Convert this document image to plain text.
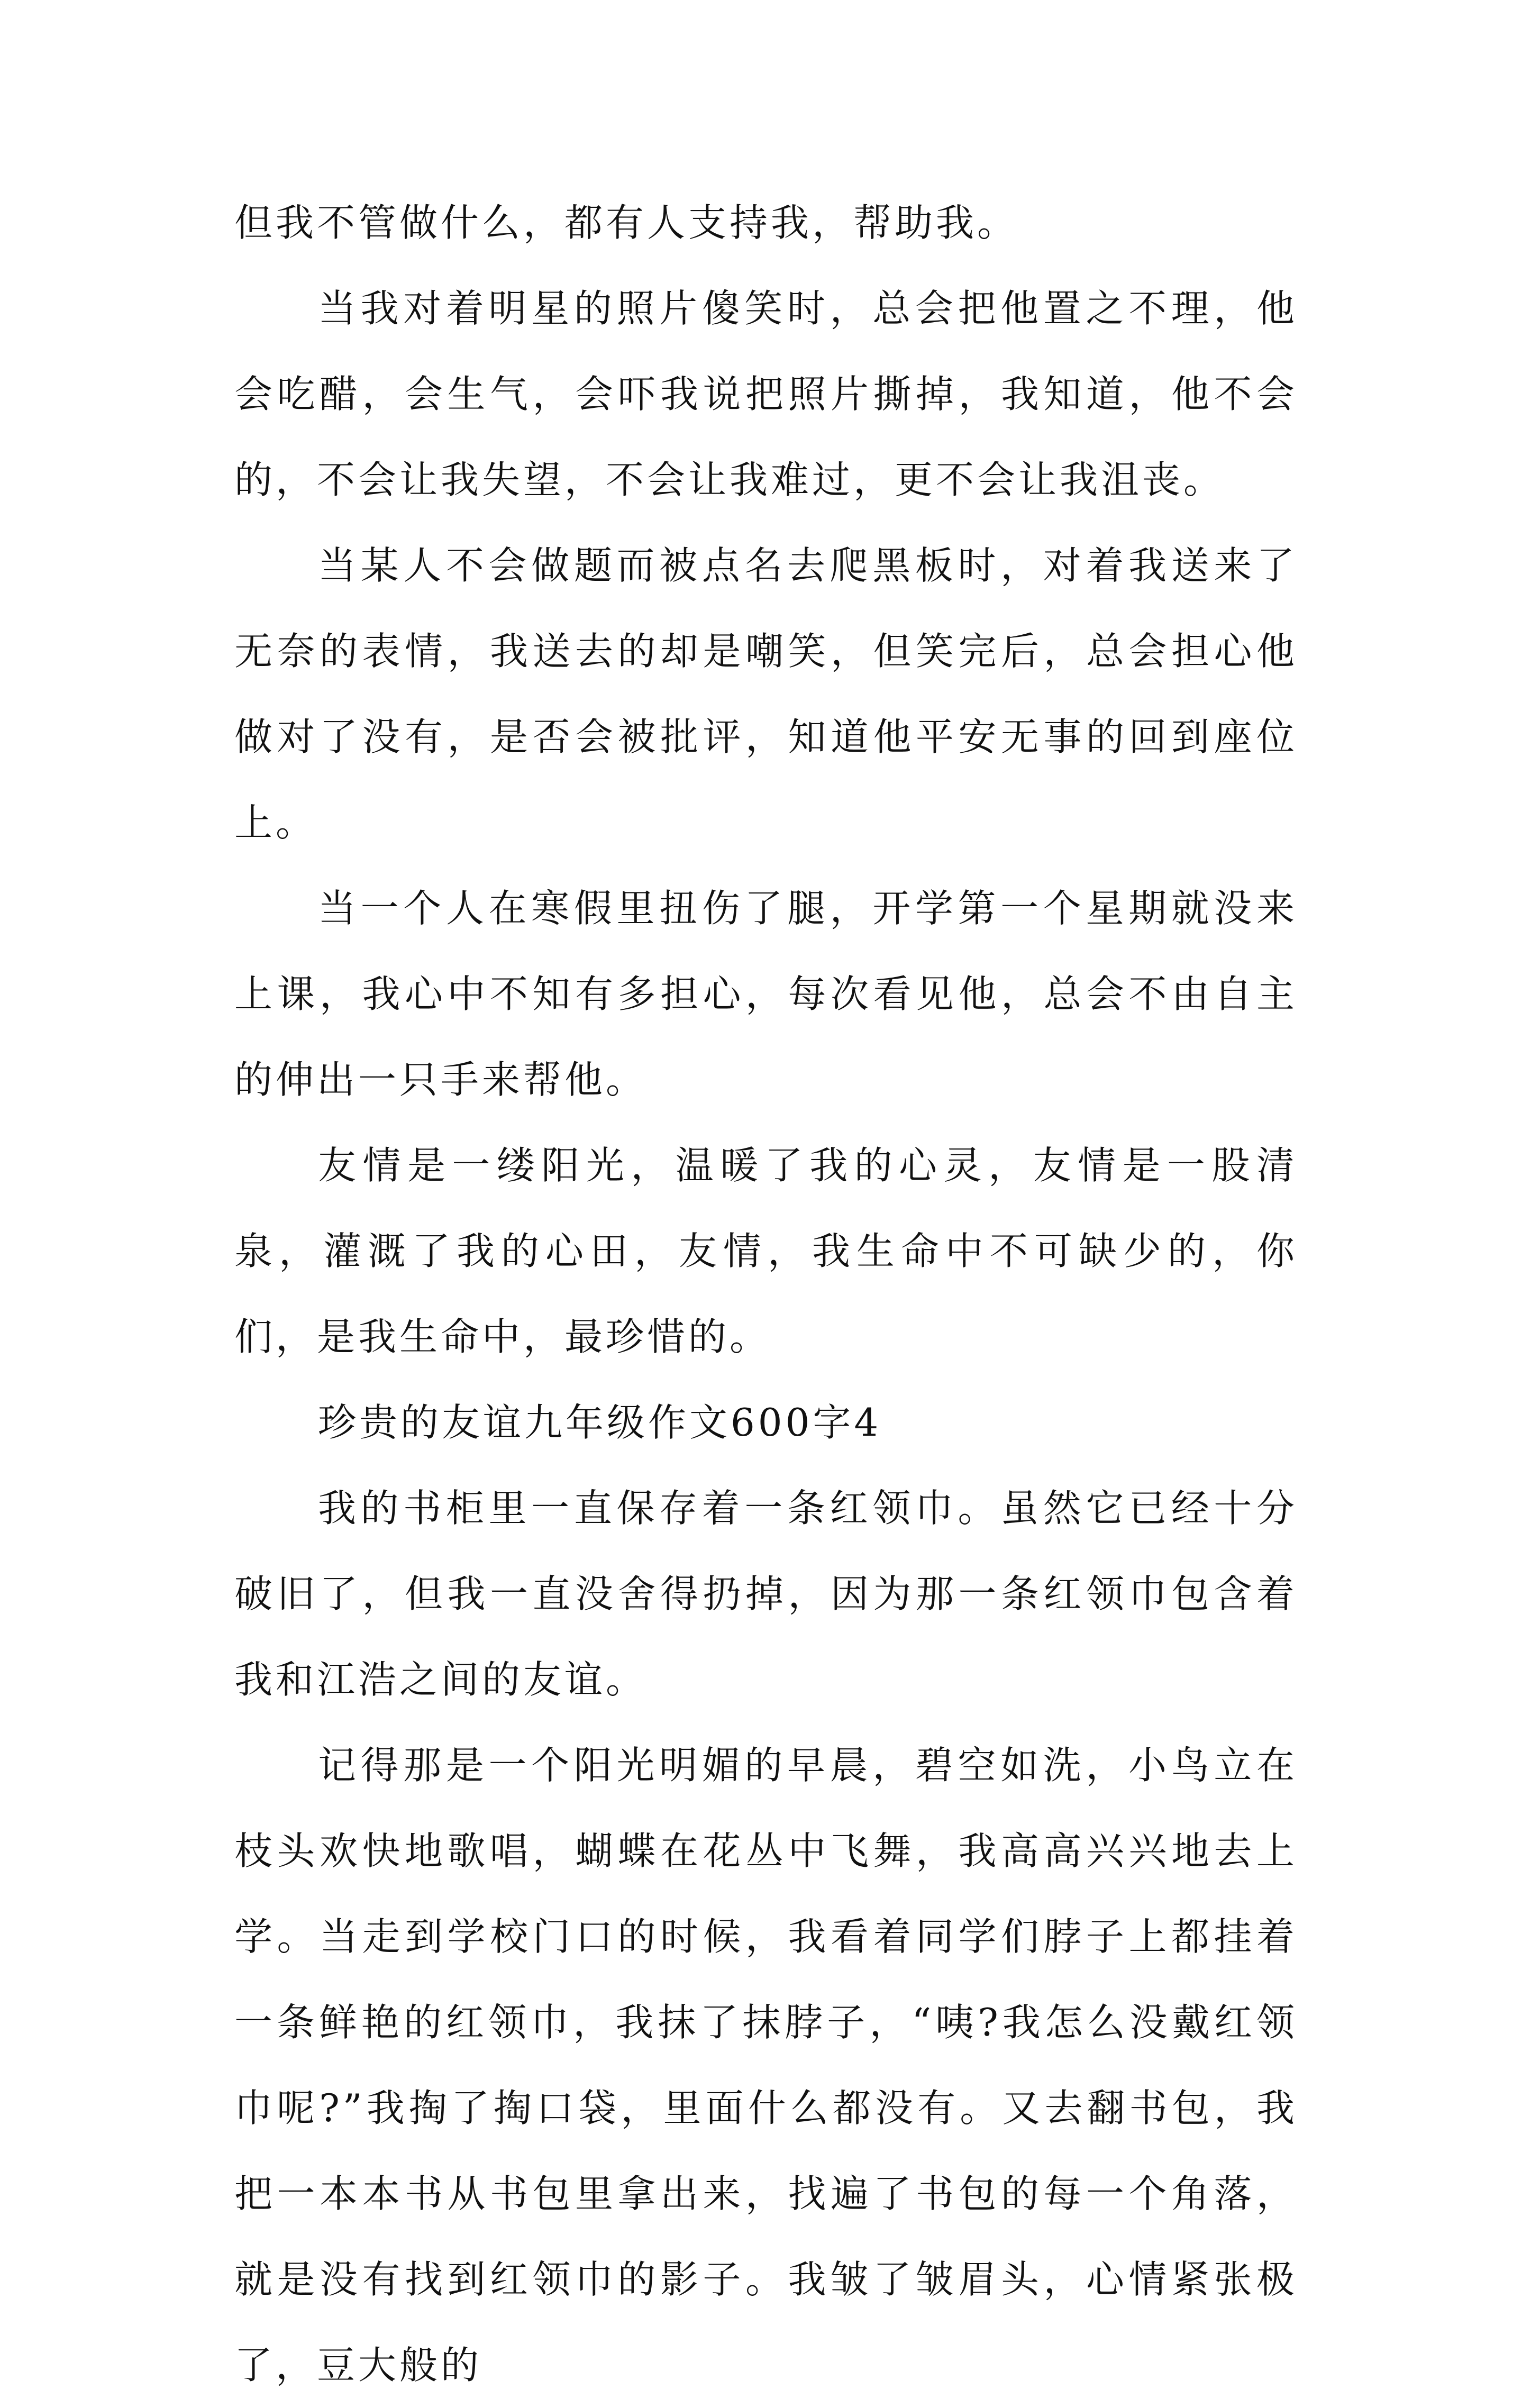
但我不管做什么，都有人支持我，帮助我。

当我对着明星的照片傻笑时，总会把他置之不理，他会吃醋，会生气，会吓我说把照片撕掉，我知道，他不会的，不会让我失望，不会让我难过，更不会让我沮丧。

当某人不会做题而被点名去爬黑板时，对着我送来了无奈的表情，我送去的却是嘲笑，但笑完后，总会担心他做对了没有，是否会被批评，知道他平安无事的回到座位上。

当一个人在寒假里扭伤了腿，开学第一个星期就没来上课，我心中不知有多担心，每次看见他，总会不由自主的伸出一只手来帮他。

友情是一缕阳光，温暖了我的心灵，友情是一股清泉，灌溉了我的心田，友情，我生命中不可缺少的，你们，是我生命中，最珍惜的。

珍贵的友谊九年级作文600字4

我的书柜里一直保存着一条红领巾。虽然它已经十分破旧了，但我一直没舍得扔掉，因为那一条红领巾包含着我和江浩之间的友谊。

记得那是一个阳光明媚的早晨，碧空如洗，小鸟立在枝头欢快地歌唱，蝴蝶在花丛中飞舞，我高高兴兴地去上学。当走到学校门口的时候，我看着同学们脖子上都挂着一条鲜艳的红领巾，我抹了抹脖子，“咦?我怎么没戴红领巾呢?”我掏了掏口袋，里面什么都没有。又去翻书包，我把一本本书从书包里拿出来，找遍了书包的每一个角落，就是没有找到红领巾的影子。我皱了皱眉头，心情紧张极了，豆大般的
